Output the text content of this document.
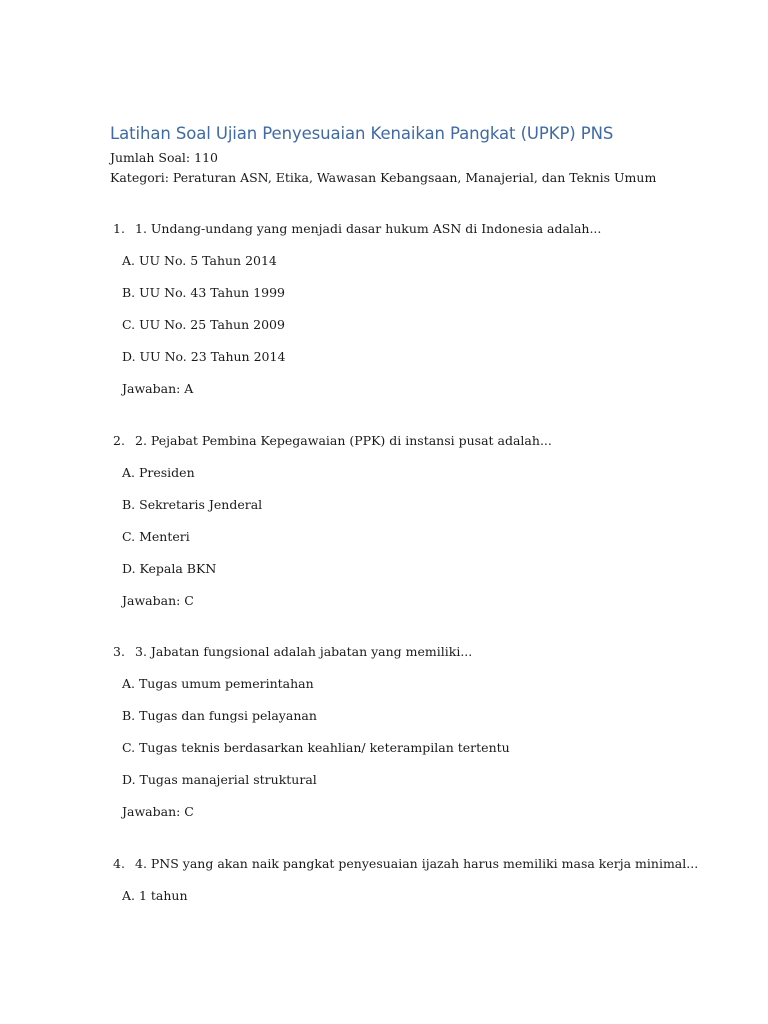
Latihan Soal Ujian Penyesuaian Kenaikan Pangkat (UPKP) PNS
Jumlah Soal: 110
Kategori: Peraturan ASN, Etika, Wawasan Kebangsaan, Manajerial, dan Teknis Umum
1. 1. Undang-undang yang menjadi dasar hukum ASN di Indonesia adalah...
A. UU No. 5 Tahun 2014
B. UU No. 43 Tahun 1999
C. UU No. 25 Tahun 2009
D. UU No. 23 Tahun 2014
Jawaban: A
2. 2. Pejabat Pembina Kepegawaian (PPK) di instansi pusat adalah...
A. Presiden
B. Sekretaris Jenderal
C. Menteri
D. Kepala BKN
Jawaban: C
3. 3. Jabatan fungsional adalah jabatan yang memiliki...
A. Tugas umum pemerintahan
B. Tugas dan fungsi pelayanan
C. Tugas teknis berdasarkan keahlian/ keterampilan tertentu
D. Tugas manajerial struktural
Jawaban: C
4. 4. PNS yang akan naik pangkat penyesuaian ijazah harus memiliki masa kerja minimal...
A. 1 tahun
